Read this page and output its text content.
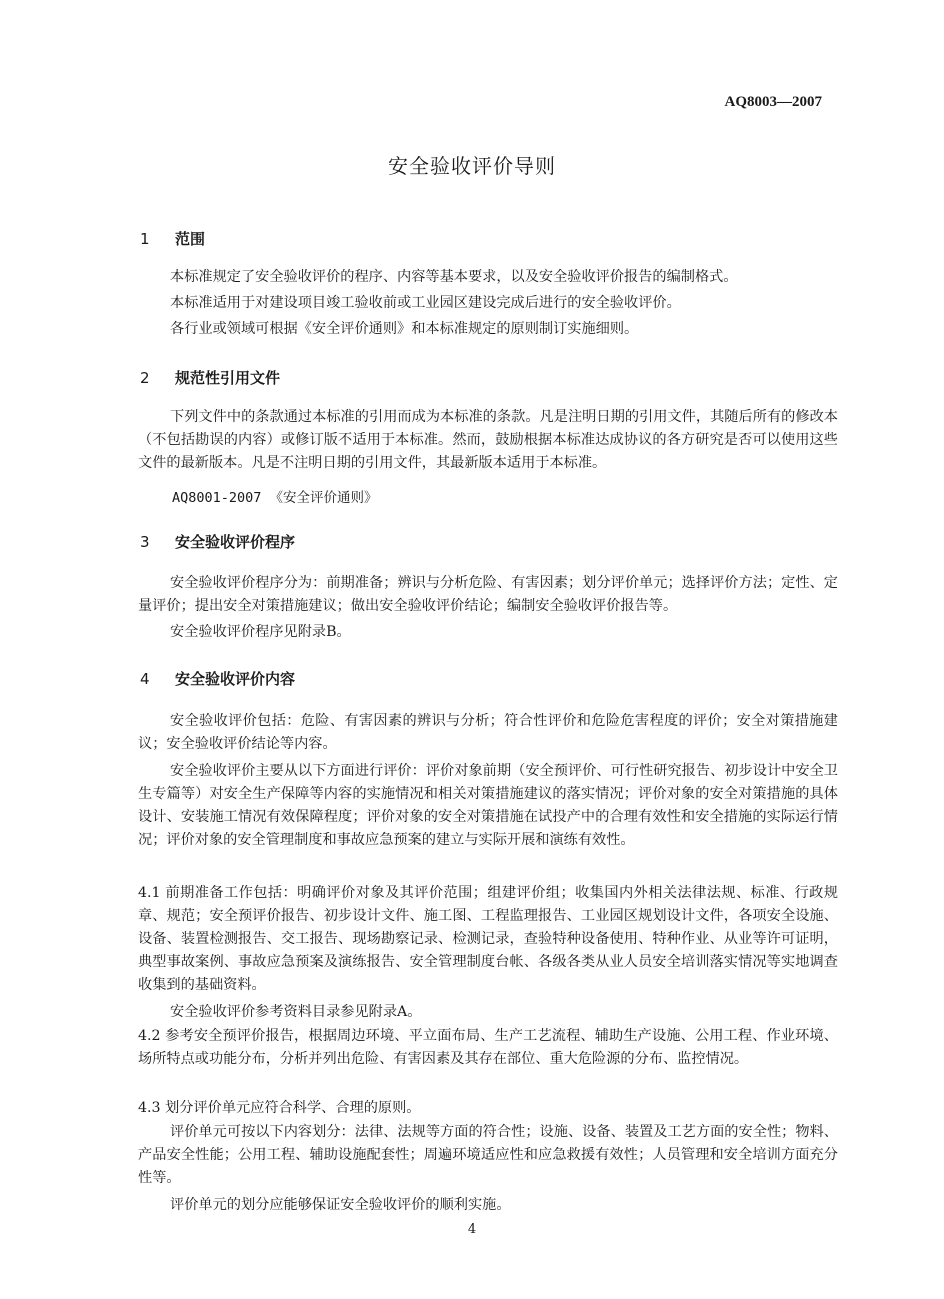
AQ8003—2007
安全验收评价导则
1 范围
本标准规定了安全验收评价的程序、内容等基本要求，以及安全验收评价报告的编制格式。
本标准适用于对建设项目竣工验收前或工业园区建设完成后进行的安全验收评价。
各行业或领域可根据《安全评价通则》和本标准规定的原则制订实施细则。
2 规范性引用文件
下列文件中的条款通过本标准的引用而成为本标准的条款。凡是注明日期的引用文件，其随后所有的修改本（不包括勘误的内容）或修订版不适用于本标准。然而，鼓励根据本标准达成协议的各方研究是否可以使用这些文件的最新版本。凡是不注明日期的引用文件，其最新版本适用于本标准。
AQ8001-2007 《安全评价通则》
3 安全验收评价程序
安全验收评价程序分为：前期准备；辨识与分析危险、有害因素；划分评价单元；选择评价方法；定性、定量评价；提出安全对策措施建议；做出安全验收评价结论；编制安全验收评价报告等。
安全验收评价程序见附录B。
4 安全验收评价内容
安全验收评价包括：危险、有害因素的辨识与分析；符合性评价和危险危害程度的评价；安全对策措施建议；安全验收评价结论等内容。
安全验收评价主要从以下方面进行评价：评价对象前期（安全预评价、可行性研究报告、初步设计中安全卫生专篇等）对安全生产保障等内容的实施情况和相关对策措施建议的落实情况；评价对象的安全对策措施的具体设计、安装施工情况有效保障程度；评价对象的安全对策措施在试投产中的合理有效性和安全措施的实际运行情况；评价对象的安全管理制度和事故应急预案的建立与实际开展和演练有效性。
4.1 前期准备工作包括：明确评价对象及其评价范围；组建评价组；收集国内外相关法律法规、标准、行政规章、规范；安全预评价报告、初步设计文件、施工图、工程监理报告、工业园区规划设计文件，各项安全设施、设备、装置检测报告、交工报告、现场勘察记录、检测记录，查验特种设备使用、特种作业、从业等许可证明，典型事故案例、事故应急预案及演练报告、安全管理制度台帐、各级各类从业人员安全培训落实情况等实地调查收集到的基础资料。
安全验收评价参考资料目录参见附录A。
4.2 参考安全预评价报告，根据周边环境、平立面布局、生产工艺流程、辅助生产设施、公用工程、作业环境、场所特点或功能分布，分析并列出危险、有害因素及其存在部位、重大危险源的分布、监控情况。
4.3 划分评价单元应符合科学、合理的原则。
评价单元可按以下内容划分：法律、法规等方面的符合性；设施、设备、装置及工艺方面的安全性；物料、产品安全性能；公用工程、辅助设施配套性；周遍环境适应性和应急救援有效性；人员管理和安全培训方面充分性等。
评价单元的划分应能够保证安全验收评价的顺利实施。
4
